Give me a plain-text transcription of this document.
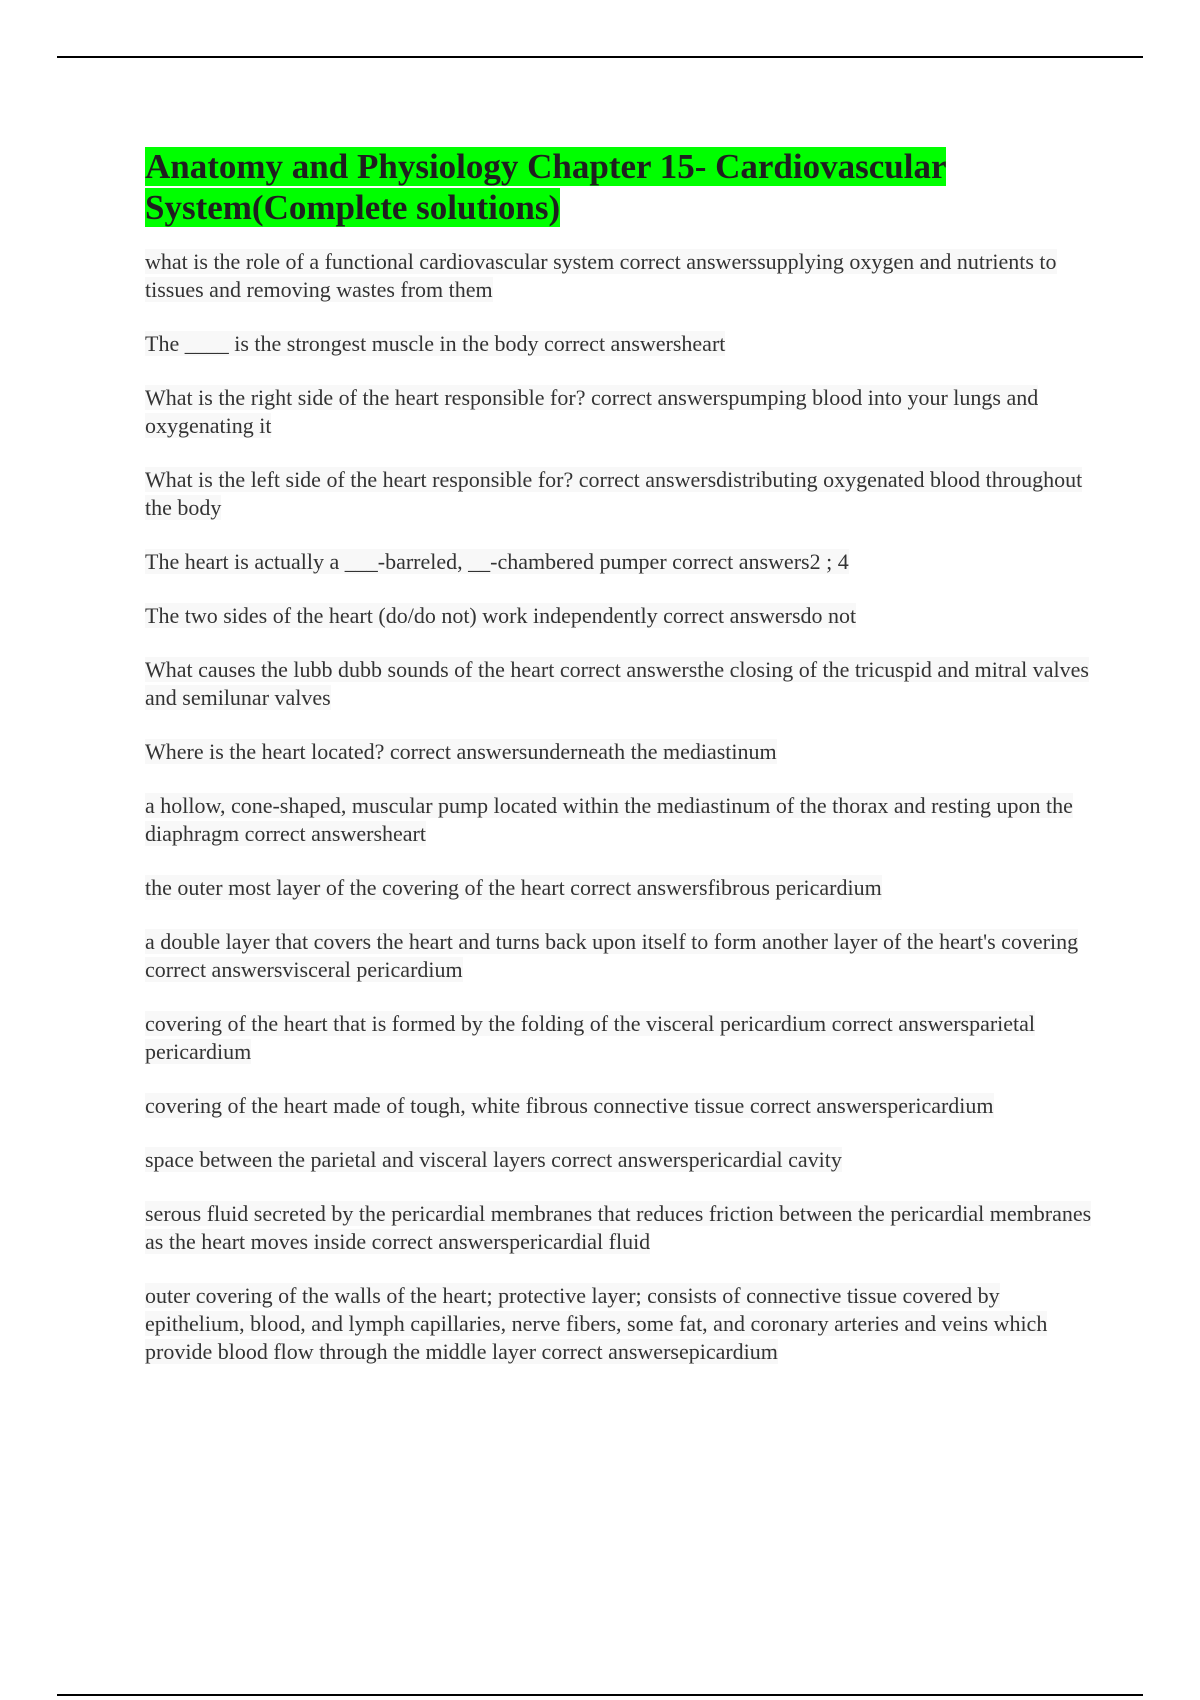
Anatomy and Physiology Chapter 15- Cardiovascular System(Complete solutions)

what is the role of a functional cardiovascular system correct answerssupplying oxygen and nutrients to tissues and removing wastes from them

The ____ is the strongest muscle in the body correct answersheart

What is the right side of the heart responsible for? correct answerspumping blood into your lungs and oxygenating it

What is the left side of the heart responsible for? correct answersdistributing oxygenated blood throughout the body

The heart is actually a ___-barreled, __-chambered pumper correct answers2 ; 4

The two sides of the heart (do/do not) work independently correct answersdo not

What causes the lubb dubb sounds of the heart correct answersthe closing of the tricuspid and mitral valves and semilunar valves

Where is the heart located? correct answersunderneath the mediastinum

a hollow, cone-shaped, muscular pump located within the mediastinum of the thorax and resting upon the diaphragm correct answersheart

the outer most layer of the covering of the heart correct answersfibrous pericardium

a double layer that covers the heart and turns back upon itself to form another layer of the heart's covering correct answersvisceral pericardium

covering of the heart that is formed by the folding of the visceral pericardium correct answersparietal pericardium

covering of the heart made of tough, white fibrous connective tissue correct answerspericardium

space between the parietal and visceral layers correct answerspericardial cavity

serous fluid secreted by the pericardial membranes that reduces friction between the pericardial membranes as the heart moves inside correct answerspericardial fluid

outer covering of the walls of the heart; protective layer; consists of connective tissue covered by epithelium, blood, and lymph capillaries, nerve fibers, some fat, and coronary arteries and veins which provide blood flow through the middle layer correct answersepicardium
